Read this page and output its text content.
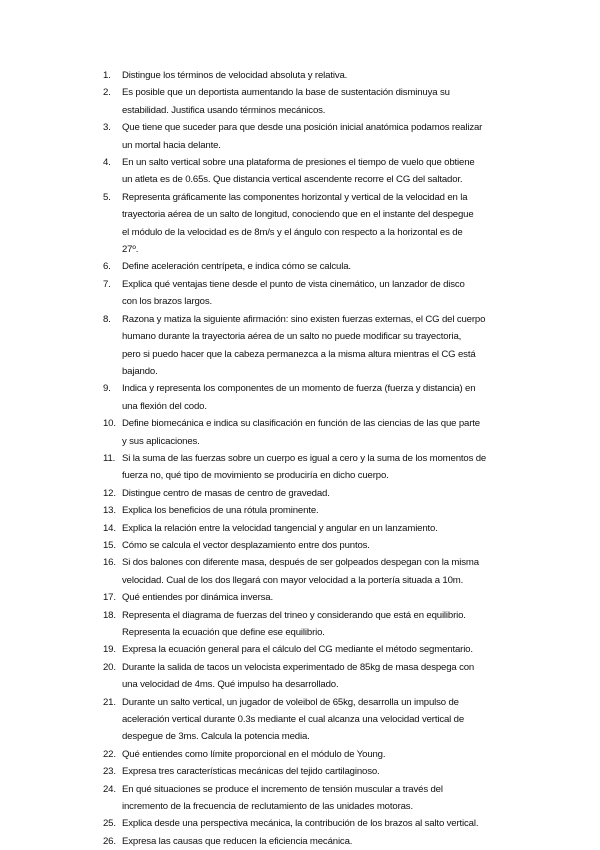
1.	Distingue los términos de velocidad absoluta y relativa.
2.	Es posible que un deportista aumentando la base de sustentación disminuya su
estabilidad. Justifica usando términos mecánicos.
3.	Que tiene que suceder para que desde una posición inicial anatómica podamos realizar
un mortal hacia delante.
4.	En un salto vertical sobre una plataforma de presiones el tiempo de vuelo que obtiene
un atleta es de 0.65s. Que distancia vertical ascendente recorre el CG del saltador.
5.	Representa gráficamente las componentes horizontal y vertical de la velocidad en la
trayectoria aérea de un salto de longitud, conociendo que en el instante del despegue
el módulo de la velocidad es de 8m/s y el ángulo con respecto a la horizontal es de
27º.
6.	Define aceleración centrípeta, e indica cómo se calcula.
7.	Explica qué ventajas tiene desde el punto de vista cinemático, un lanzador de disco
con los brazos largos.
8.	Razona y matiza la siguiente afirmación: sino existen fuerzas externas, el CG del cuerpo
humano durante la trayectoria aérea de un salto no puede modificar su trayectoria,
pero si puedo hacer que la cabeza permanezca a la misma altura mientras el CG está
bajando.
9.	Indica y representa los componentes de un momento de fuerza (fuerza y distancia) en
una flexión del codo.
10. Define biomecánica e indica su clasificación en función de las ciencias de las que parte
y sus aplicaciones.
11. Si la suma de las fuerzas sobre un cuerpo es igual a cero y la suma de los momentos de
fuerza no, qué tipo de movimiento se produciría en dicho cuerpo.
12. Distingue centro de masas de centro de gravedad.
13. Explica los beneficios de una rótula prominente.
14. Explica la relación entre la velocidad tangencial y angular en un lanzamiento.
15. Cómo se calcula el vector desplazamiento entre dos puntos.
16. Si dos balones con diferente masa, después de ser golpeados despegan con la misma
velocidad. Cual de los dos llegará con mayor velocidad a la portería situada a 10m.
17. Qué entiendes por dinámica inversa.
18. Representa el diagrama de fuerzas del trineo y considerando que está en equilibrio.
Representa la ecuación que define ese equilibrio.
19. Expresa la ecuación general para el cálculo del CG mediante el método segmentario.
20. Durante la salida de tacos un velocista experimentado de 85kg de masa despega con
una velocidad de 4ms. Qué impulso ha desarrollado.
21. Durante un salto vertical, un jugador de voleibol de 65kg, desarrolla un impulso de
aceleración vertical durante 0.3s mediante el cual alcanza una velocidad vertical de
despegue de 3ms. Calcula la potencia media.
22. Qué entiendes como límite proporcional en el módulo de Young.
23. Expresa tres características mecánicas del tejido cartilaginoso.
24. En qué situaciones se produce el incremento de tensión muscular a través del
incremento de la frecuencia de reclutamiento de las unidades motoras.
25. Explica desde una perspectiva mecánica, la contribución de los brazos al salto vertical.
26. Expresa las causas que reducen la eficiencia mecánica.
